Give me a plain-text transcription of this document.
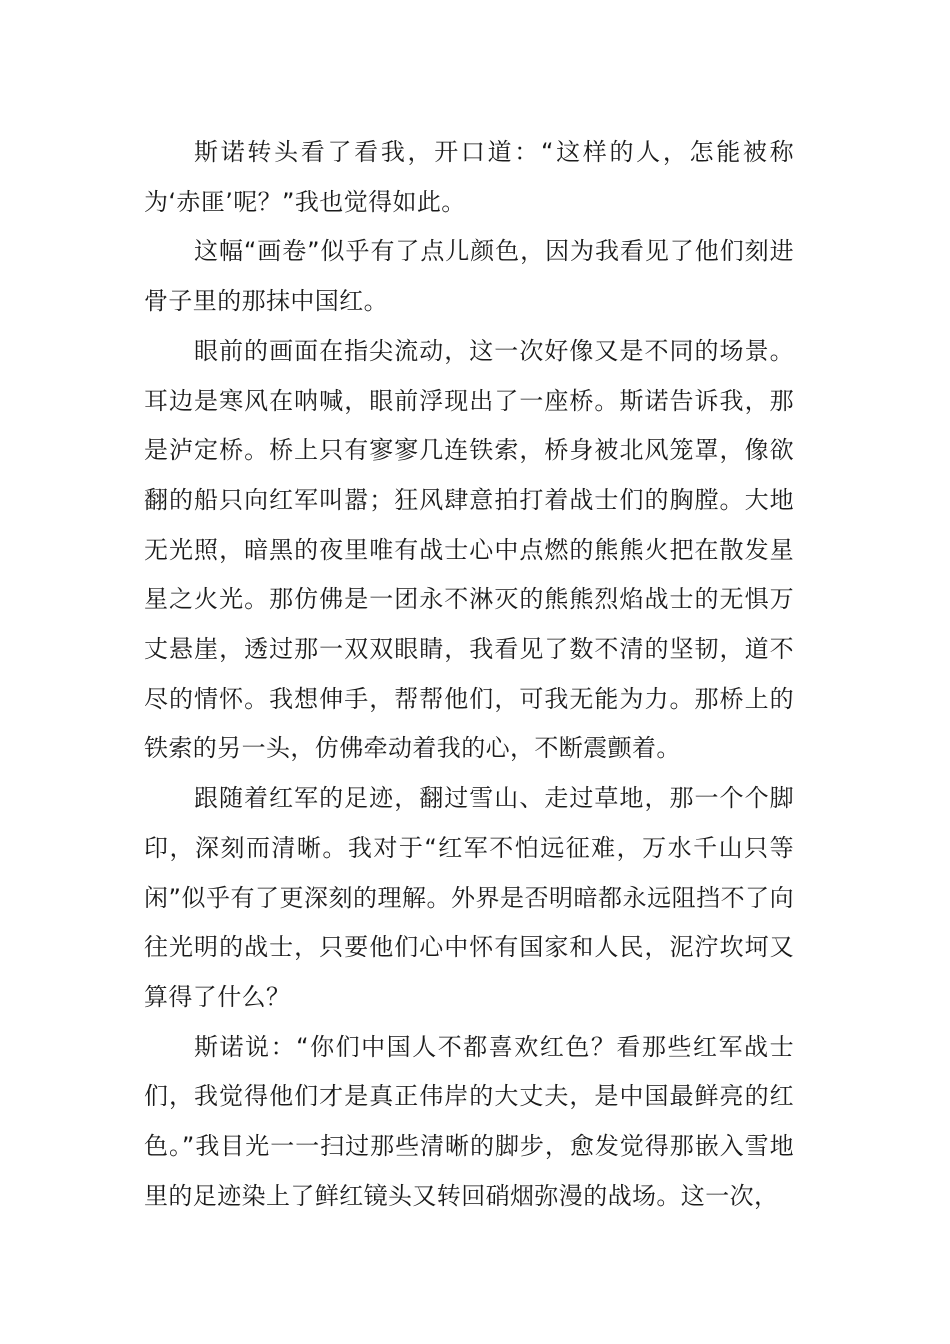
斯诺转头看了看我，开口道：“这样的人，怎能被称为‘赤匪’呢？”我也觉得如此。

这幅“画卷”似乎有了点儿颜色，因为我看见了他们刻进骨子里的那抹中国红。

眼前的画面在指尖流动，这一次好像又是不同的场景。耳边是寒风在呐喊，眼前浮现出了一座桥。斯诺告诉我，那是泸定桥。桥上只有寥寥几连铁索，桥身被北风笼罩，像欲翻的船只向红军叫嚣；狂风肆意拍打着战士们的胸膛。大地无光照，暗黑的夜里唯有战士心中点燃的熊熊火把在散发星星之火光。那仿佛是一团永不淋灭的熊熊烈焰战士的无惧万丈悬崖，透过那一双双眼睛，我看见了数不清的坚韧，道不尽的情怀。我想伸手，帮帮他们，可我无能为力。那桥上的铁索的另一头，仿佛牵动着我的心，不断震颤着。

跟随着红军的足迹，翻过雪山、走过草地，那一个个脚印，深刻而清晰。我对于“红军不怕远征难，万水千山只等闲”似乎有了更深刻的理解。外界是否明暗都永远阻挡不了向往光明的战士，只要他们心中怀有国家和人民，泥泞坎坷又算得了什么？

斯诺说：“你们中国人不都喜欢红色？看那些红军战士们，我觉得他们才是真正伟岸的大丈夫，是中国最鲜亮的红色。”我目光一一扫过那些清晰的脚步，愈发觉得那嵌入雪地里的足迹染上了鲜红镜头又转回硝烟弥漫的战场。这一次，
